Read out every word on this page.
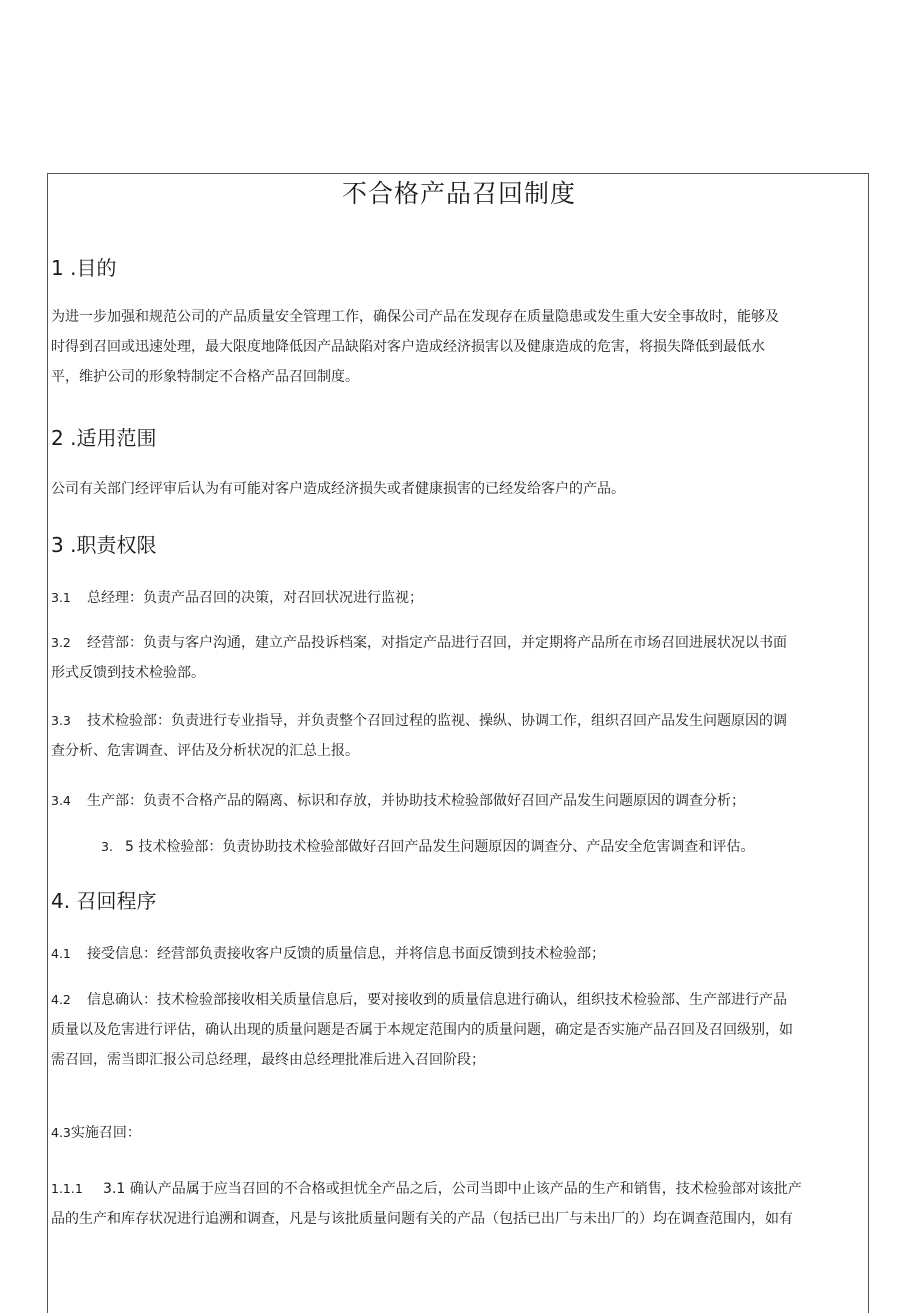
不合格产品召回制度
1 .目的
为进一步加强和规范公司的产品质量安全管理工作，确保公司产品在发现存在质量隐患或发生重大安全事故时，能够及
时得到召回或迅速处理，最大限度地降低因产品缺陷对客户造成经济损害以及健康造成的危害，将损失降低到最低水
平，维护公司的形象特制定不合格产品召回制度。
2 .适用范围
公司有关部门经评审后认为有可能对客户造成经济损失或者健康损害的已经发给客户的产品。
3 .职责权限
3.1 总经理：负责产品召回的决策，对召回状况进行监视；
3.2 经营部：负责与客户沟通，建立产品投诉档案，对指定产品进行召回，并定期将产品所在市场召回进展状况以书面
形式反馈到技术检验部。
3.3 技术检验部：负责进行专业指导，并负责整个召回过程的监视、操纵、协调工作，组织召回产品发生问题原因的调
查分析、危害调查、评估及分析状况的汇总上报。
3.4 生产部：负责不合格产品的隔离、标识和存放，并协助技术检验部做好召回产品发生问题原因的调查分析；
3. 5 技术检验部：负责协助技术检验部做好召回产品发生问题原因的调查分、产品安全危害调查和评估。
4. 召回程序
4.1 接受信息：经营部负责接收客户反馈的质量信息，并将信息书面反馈到技术检验部；
4.2 信息确认：技术检验部接收相关质量信息后，要对接收到的质量信息进行确认，组织技术检验部、生产部进行产品
质量以及危害进行评估，确认出现的质量问题是否属于本规定范围内的质量问题，确定是否实施产品召回及召回级别，如
需召回，需当即汇报公司总经理，最终由总经理批准后进入召回阶段；
4.3实施召回：
1.1.1 3.1 确认产品属于应当召回的不合格或担忧全产品之后，公司当即中止该产品的生产和销售，技术检验部对该批产
品的生产和库存状况进行追溯和调查，凡是与该批质量问题有关的产品（包括已出厂与未出厂的）均在调查范围内，如有
